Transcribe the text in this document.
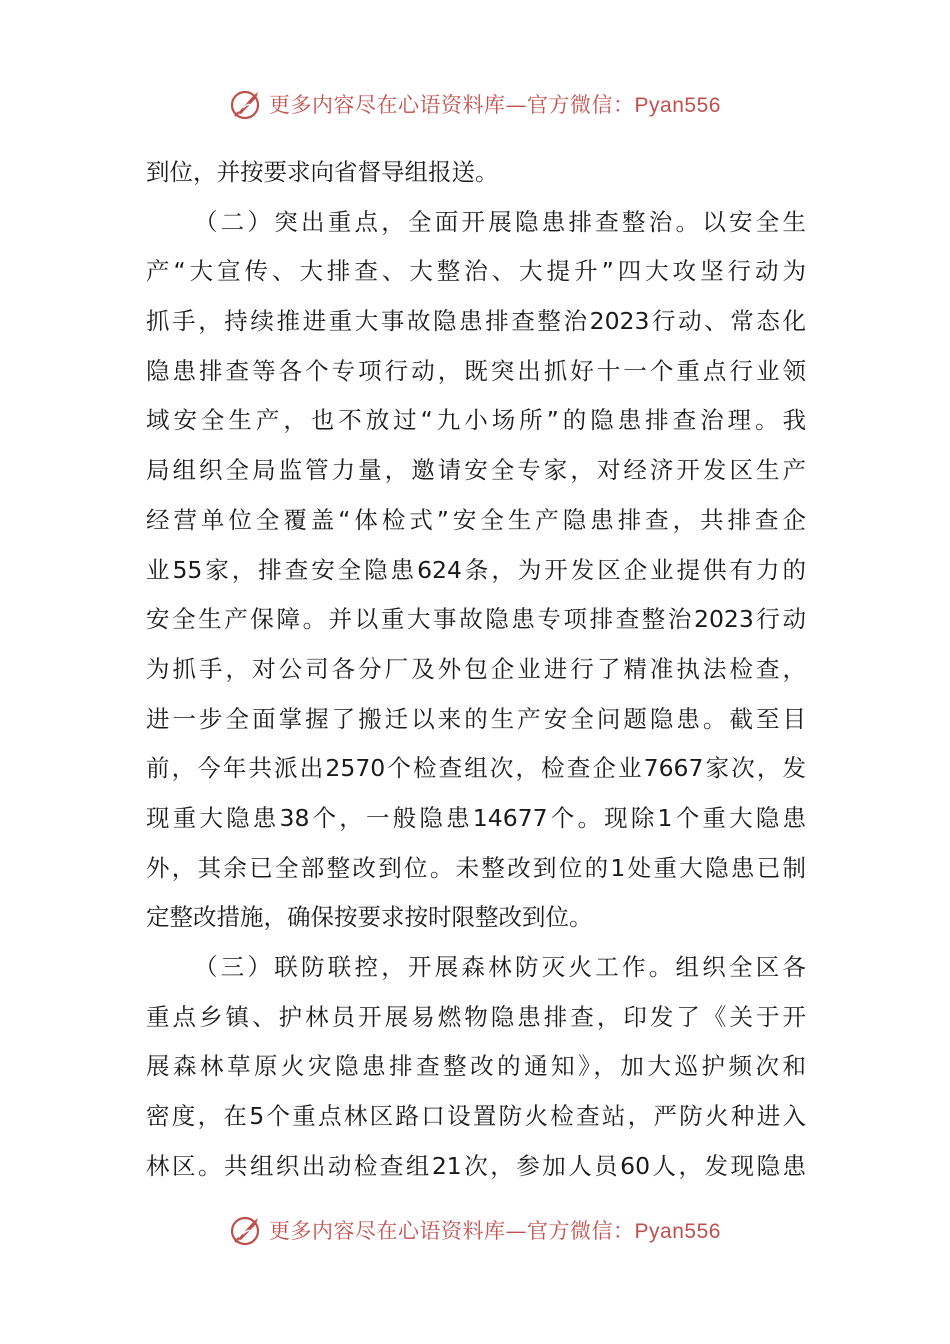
更多内容尽在心语资料库—官方微信：Pyan556
到位，并按要求向省督导组报送。
（二）突出重点，全面开展隐患排查整治。以安全生
产“大宣传、大排查、大整治、大提升”四大攻坚行动为
抓手，持续推进重大事故隐患排查整治2023行动、常态化
隐患排查等各个专项行动，既突出抓好十一个重点行业领
域安全生产，也不放过“九小场所”的隐患排查治理。我
局组织全局监管力量，邀请安全专家，对经济开发区生产
经营单位全覆盖“体检式”安全生产隐患排查，共排查企
业55家，排查安全隐患624条，为开发区企业提供有力的
安全生产保障。并以重大事故隐患专项排查整治2023行动
为抓手，对公司各分厂及外包企业进行了精准执法检查，
进一步全面掌握了搬迁以来的生产安全问题隐患。截至目
前，今年共派出2570个检查组次，检查企业7667家次，发
现重大隐患38个，一般隐患14677个。现除1个重大隐患
外，其余已全部整改到位。未整改到位的1处重大隐患已制
定整改措施，确保按要求按时限整改到位。
（三）联防联控，开展森林防灭火工作。组织全区各
重点乡镇、护林员开展易燃物隐患排查，印发了《关于开
展森林草原火灾隐患排查整改的通知》，加大巡护频次和
密度，在5个重点林区路口设置防火检查站，严防火种进入
林区。共组织出动检查组21次，参加人员60人，发现隐患
更多内容尽在心语资料库—官方微信：Pyan556
